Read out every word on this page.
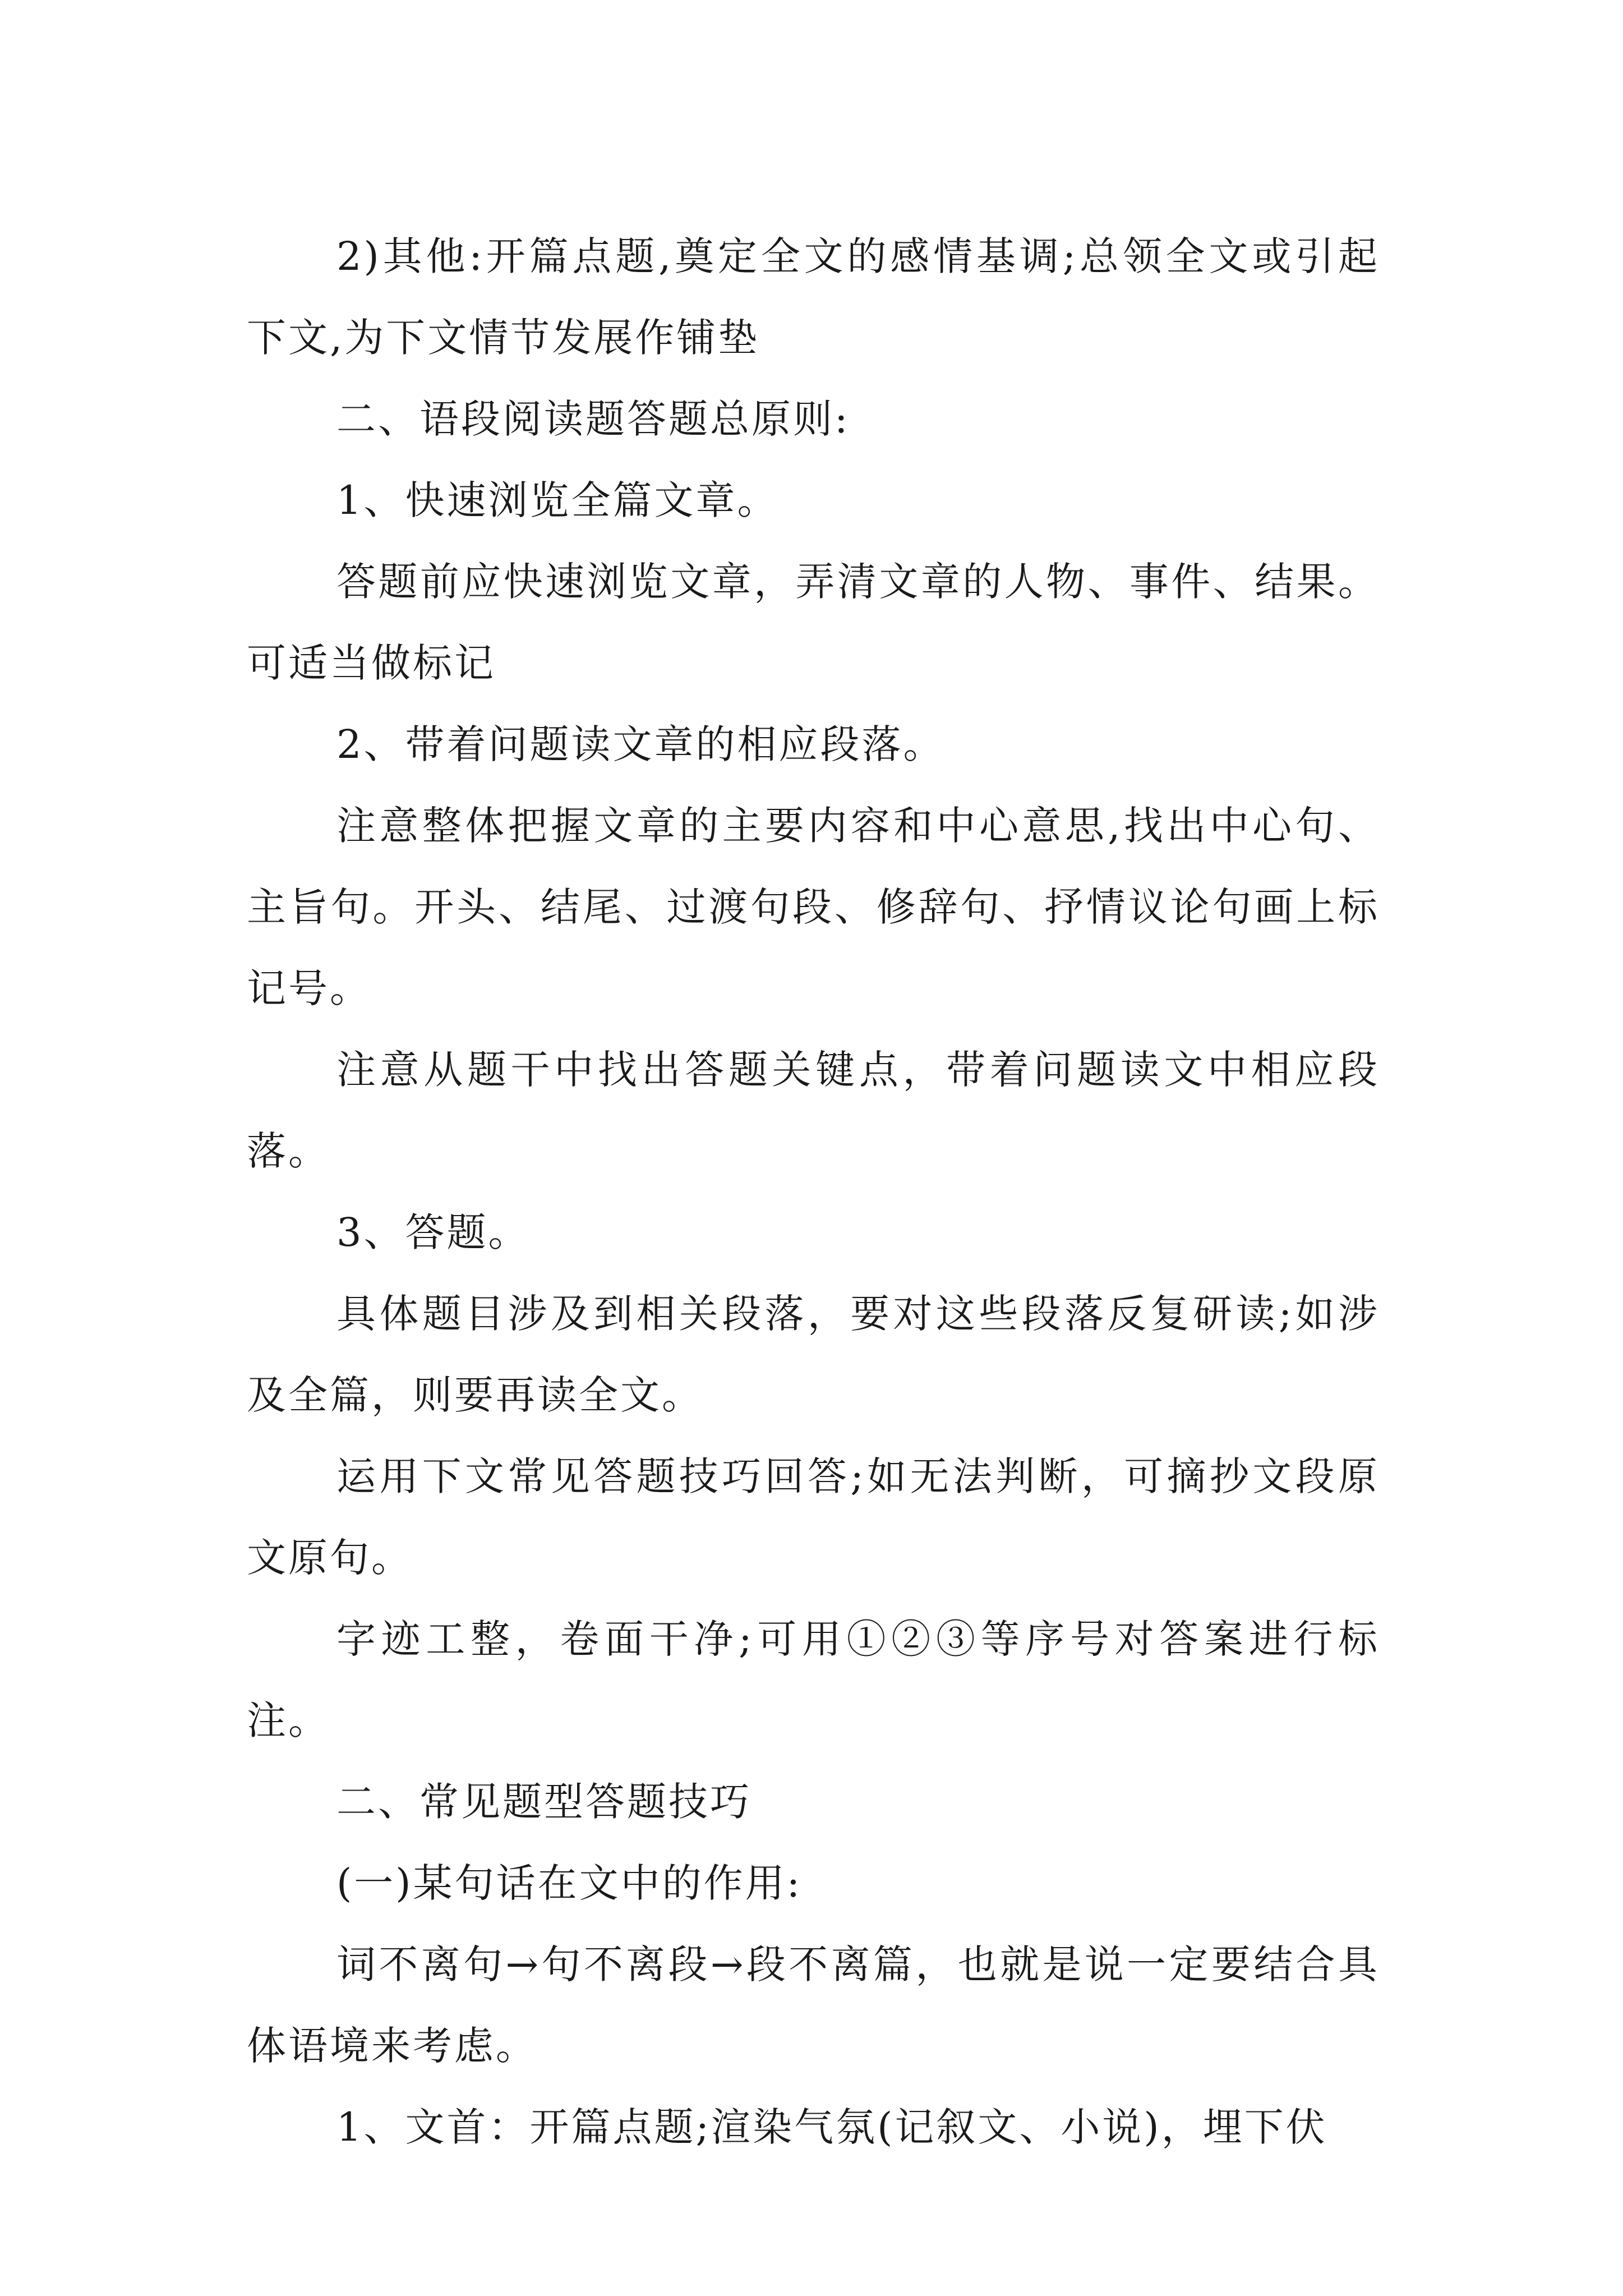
2)其他:开篇点题,奠定全文的感情基调;总领全文或引起下文,为下文情节发展作铺垫

二、语段阅读题答题总原则:

1、快速浏览全篇文章。

答题前应快速浏览文章，弄清文章的人物、事件、结果。可适当做标记

2、带着问题读文章的相应段落。

注意整体把握文章的主要内容和中心意思,找出中心句、主旨句。开头、结尾、过渡句段、修辞句、抒情议论句画上标记号。

注意从题干中找出答题关键点，带着问题读文中相应段落。

3、答题。

具体题目涉及到相关段落，要对这些段落反复研读;如涉及全篇，则要再读全文。

运用下文常见答题技巧回答;如无法判断，可摘抄文段原文原句。

字迹工整，卷面干净;可用①②③等序号对答案进行标注。

二、常见题型答题技巧

(一)某句话在文中的作用:

词不离句→句不离段→段不离篇，也就是说一定要结合具体语境来考虑。

1、文首：开篇点题;渲染气氛(记叙文、小说)，埋下伏
